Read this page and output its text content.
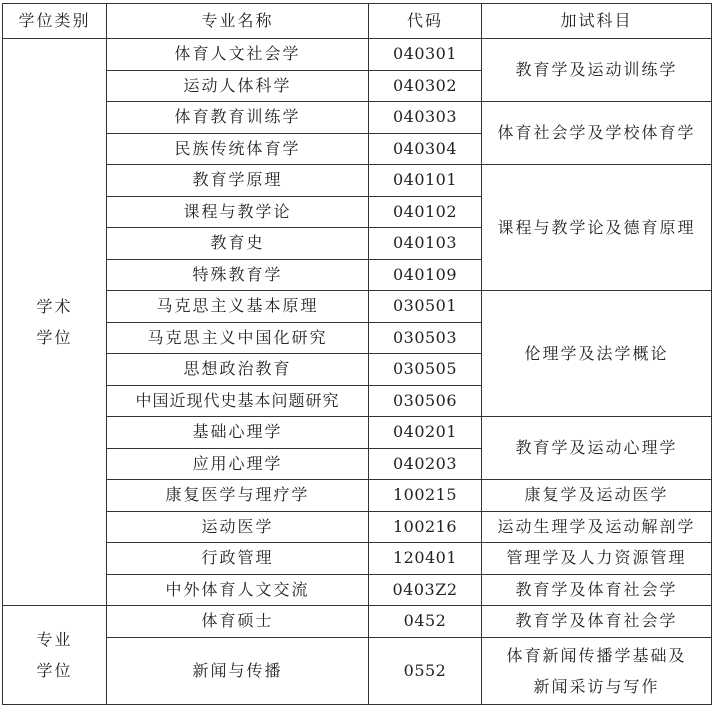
学位类别	专业名称	代码	加试科目
学术
学位	体育人文社会学	040301	教育学及运动训练学
	运动人体科学	040302	
	体育教育训练学	040303	体育社会学及学校体育学
	民族传统体育学	040304	
	教育学原理	040101	课程与教学论及德育原理
	课程与教学论	040102	
	教育史	040103	
	特殊教育学	040109	
	马克思主义基本原理	030501	伦理学及法学概论
	马克思主义中国化研究	030503	
	思想政治教育	030505	
	中国近现代史基本问题研究	030506	
	基础心理学	040201	教育学及运动心理学
	应用心理学	040203	
	康复医学与理疗学	100215	康复学及运动医学
	运动医学	100216	运动生理学及运动解剖学
	行政管理	120401	管理学及人力资源管理
	中外体育人文交流	0403Z2	教育学及体育社会学
专业
学位	体育硕士	0452	教育学及体育社会学
	新闻与传播	0552	体育新闻传播学基础及
新闻采访与写作
